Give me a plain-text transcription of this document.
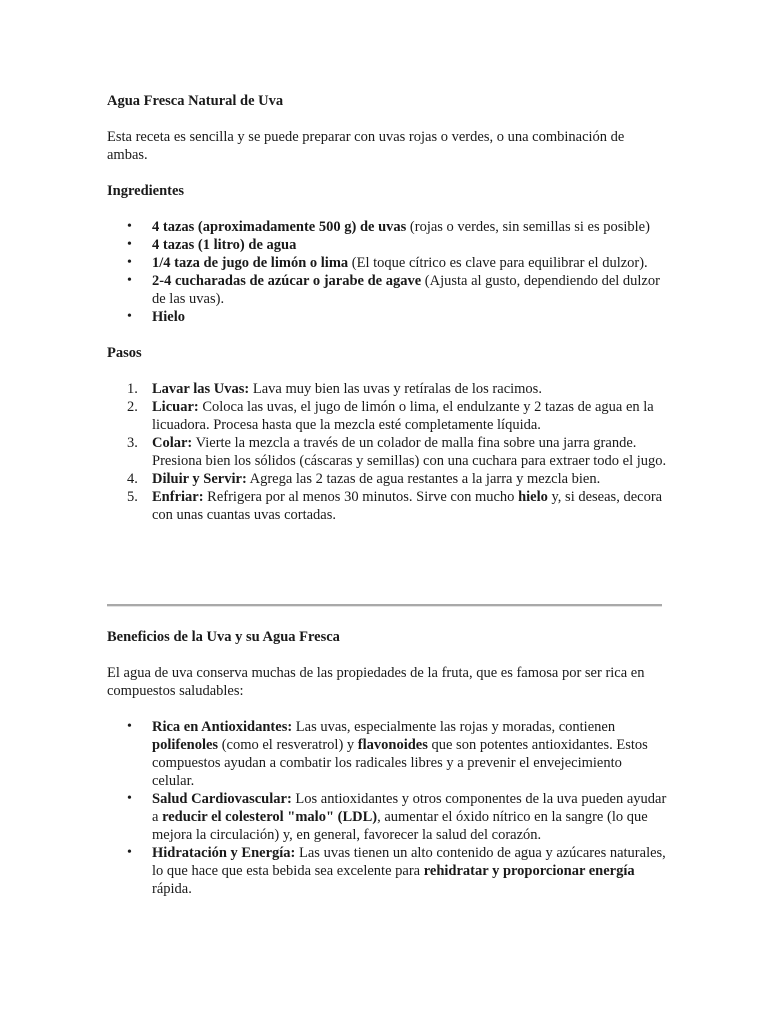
Agua Fresca Natural de Uva

Esta receta es sencilla y se puede preparar con uvas rojas o verdes, o una combinación de ambas.

Ingredientes
• 4 tazas (aproximadamente 500 g) de uvas (rojas o verdes, sin semillas si es posible)
• 4 tazas (1 litro) de agua
• 1/4 taza de jugo de limón o lima (El toque cítrico es clave para equilibrar el dulzor).
• 2-4 cucharadas de azúcar o jarabe de agave (Ajusta al gusto, dependiendo del dulzor de las uvas).
• Hielo
Pasos
1. Lavar las Uvas: Lava muy bien las uvas y retíralas de los racimos.
2. Licuar: Coloca las uvas, el jugo de limón o lima, el endulzante y 2 tazas de agua en la licuadora. Procesa hasta que la mezcla esté completamente líquida.
3. Colar: Vierte la mezcla a través de un colador de malla fina sobre una jarra grande. Presiona bien los sólidos (cáscaras y semillas) con una cuchara para extraer todo el jugo.
4. Diluir y Servir: Agrega las 2 tazas de agua restantes a la jarra y mezcla bien.
5. Enfriar: Refrigera por al menos 30 minutos. Sirve con mucho hielo y, si deseas, decora con unas cuantas uvas cortadas.
Beneficios de la Uva y su Agua Fresca

El agua de uva conserva muchas de las propiedades de la fruta, que es famosa por ser rica en compuestos saludables:

• Rica en Antioxidantes: Las uvas, especialmente las rojas y moradas, contienen polifenoles (como el resveratrol) y flavonoides que son potentes antioxidantes. Estos compuestos ayudan a combatir los radicales libres y a prevenir el envejecimiento celular.
• Salud Cardiovascular: Los antioxidantes y otros componentes de la uva pueden ayudar a reducir el colesterol "malo" (LDL), aumentar el óxido nítrico en la sangre (lo que mejora la circulación) y, en general, favorecer la salud del corazón.
• Hidratación y Energía: Las uvas tienen un alto contenido de agua y azúcares naturales, lo que hace que esta bebida sea excelente para rehidratar y proporcionar energía rápida.
